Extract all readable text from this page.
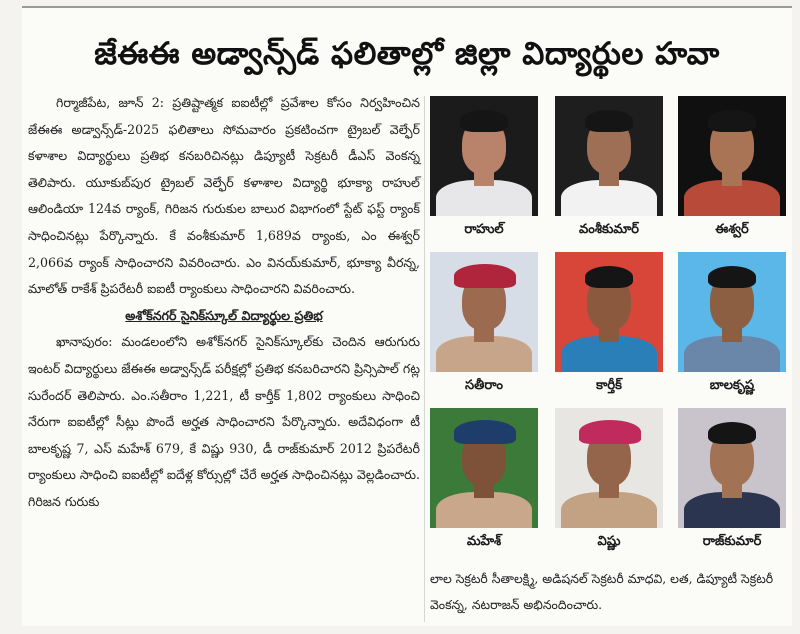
జేఈఈ అడ్వాన్స్‌డ్ ఫలితాల్లో జిల్లా విద్యార్థుల హవా

గిర్మాజీపేట, జూన్ 2: ప్రతిష్టాత్మక ఐఐటీల్లో ప్రవేశాల కోసం నిర్వహించిన జేఈఈ అడ్వాన్స్‌డ్‌-2025 ఫలితాలు సోమవారం ప్రకటించగా ట్రైబల్ వెల్ఫేర్ కళాశాల విద్యార్థులు ప్రతిభ కనబరిచినట్లు డిప్యూటీ సెక్రటరీ డీఎస్ వెంకన్న తెలిపారు. యూకుబ్‌పుర ట్రైబల్ వెల్ఫేర్ కళాశాల విద్యార్థి భూక్యా రాహుల్ ఆలిండియా 124వ ర్యాంక్, గిరిజన గురుకుల బాలుర విభాగంలో స్టేట్ ఫస్ట్ ర్యాంక్ సాధించినట్లు పేర్కొన్నారు. కే వంశీకుమార్ 1,689వ ర్యాంకు, ఎం ఈశ్వర్ 2,066వ ర్యాంక్ సాధించారని వివరించారు. ఎం వినయ్‌కుమార్, భూక్యా వీరన్న, మాలోత్ రాకేశ్ ప్రిపరేటరీ ఐఐటీ ర్యాంకులు సాధించారని వివరించారు.

అశోక్‌నగర్ సైనిక్‌స్కూల్ విద్యార్థుల ప్రతిభ

ఖానాపురం: మండలంలోని అశోక్‌నగర్ సైనిక్‌స్కూల్‌కు చెందిన ఆరుగురు ఇంటర్ విద్యార్థులు జేఈఈ అడ్వాన్స్‌డ్ పరీక్షల్లో ప్రతిభ కనబరిచారని ప్రిన్సిపాల్ గట్ల సురేందర్ తెలిపారు. ఎం.సతీరాం 1,221, టీ కార్తీక్ 1,802 ర్యాంకులు సాధించి నేరుగా ఐఐటీల్లో సీట్లు పొందే అర్హత సాధించారని పేర్కొన్నారు. అదేవిధంగా టీ బాలకృష్ణ 7, ఎస్ మహేశ్ 679, కే విష్ణు 930, డీ రాజ్‌కుమార్ 2012 ప్రిపరేటరీ ర్యాంకులు సాధించి ఐఐటీల్లో ఐదేళ్ల కోర్సుల్లో చేరే అర్హత సాధించినట్లు వెల్లడించారు. గిరిజన గురుకు

రాహుల్	వంశీకుమార్	ఈశ్వర్
సతీరాం	కార్తీక్	బాలకృష్ణ
మహేశ్	విష్ణు	రాజ్‌కుమార్
లాల సెక్రటరీ సీతాలక్ష్మి, అడిషనల్ సెక్రటరీ మాధవి, లత, డిప్యూటీ సెక్రటరీ వెంకన్న, నటరాజన్ అభినందించారు.
